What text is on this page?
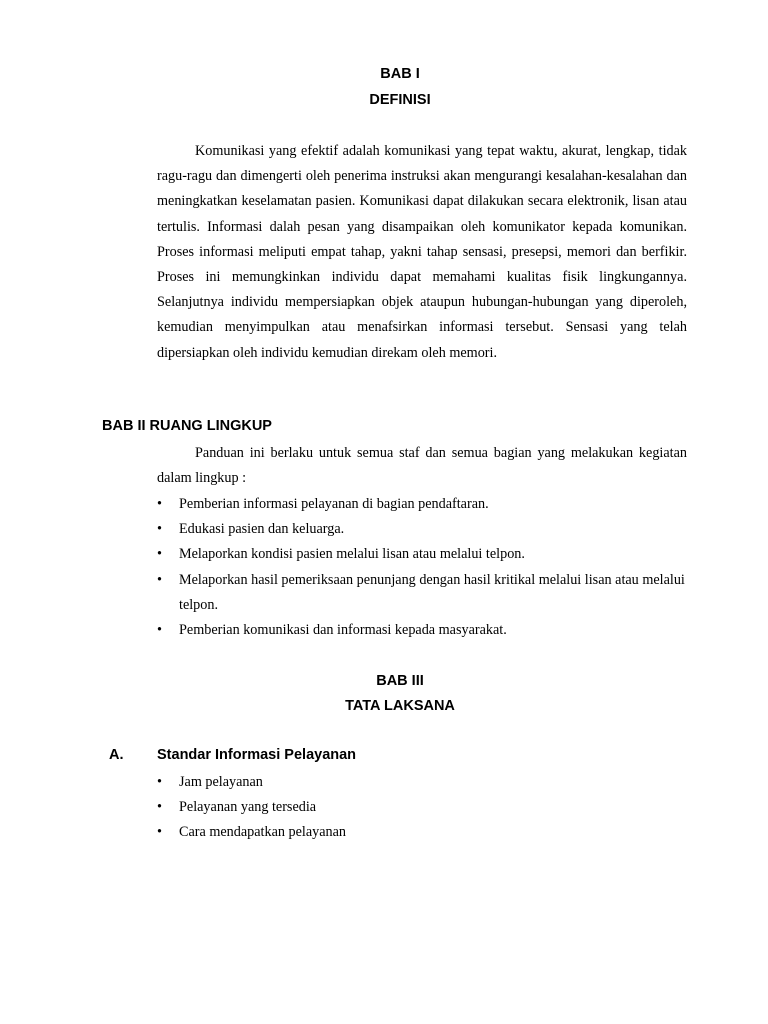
BAB I
DEFINISI

Komunikasi yang efektif adalah komunikasi yang tepat waktu, akurat, lengkap, tidak ragu-ragu dan dimengerti oleh penerima instruksi akan mengurangi kesalahan-kesalahan dan meningkatkan keselamatan pasien. Komunikasi dapat dilakukan secara elektronik, lisan atau tertulis. Informasi dalah pesan yang disampaikan oleh komunikator kepada komunikan. Proses informasi meliputi empat tahap, yakni tahap sensasi, presepsi, memori dan berfikir. Proses ini memungkinkan individu dapat memahami kualitas fisik lingkungannya. Selanjutnya individu mempersiapkan objek ataupun hubungan-hubungan yang diperoleh, kemudian menyimpulkan atau menafsirkan informasi tersebut. Sensasi yang telah dipersiapkan oleh individu kemudian direkam oleh memori.

BAB II RUANG LINGKUP

Panduan ini berlaku untuk semua staf dan semua bagian yang melakukan kegiatan dalam lingkup :

• Pemberian informasi pelayanan di bagian pendaftaran.
• Edukasi pasien dan keluarga.
• Melaporkan kondisi pasien melalui lisan atau melalui telpon.
• Melaporkan hasil pemeriksaan penunjang dengan hasil kritikal melalui lisan atau melalui telpon.
• Pemberian komunikasi dan informasi kepada masyarakat.
BAB III
TATA LAKSANA
A. Standar Informasi Pelayanan
• Jam pelayanan
• Pelayanan yang tersedia
• Cara mendapatkan pelayanan
